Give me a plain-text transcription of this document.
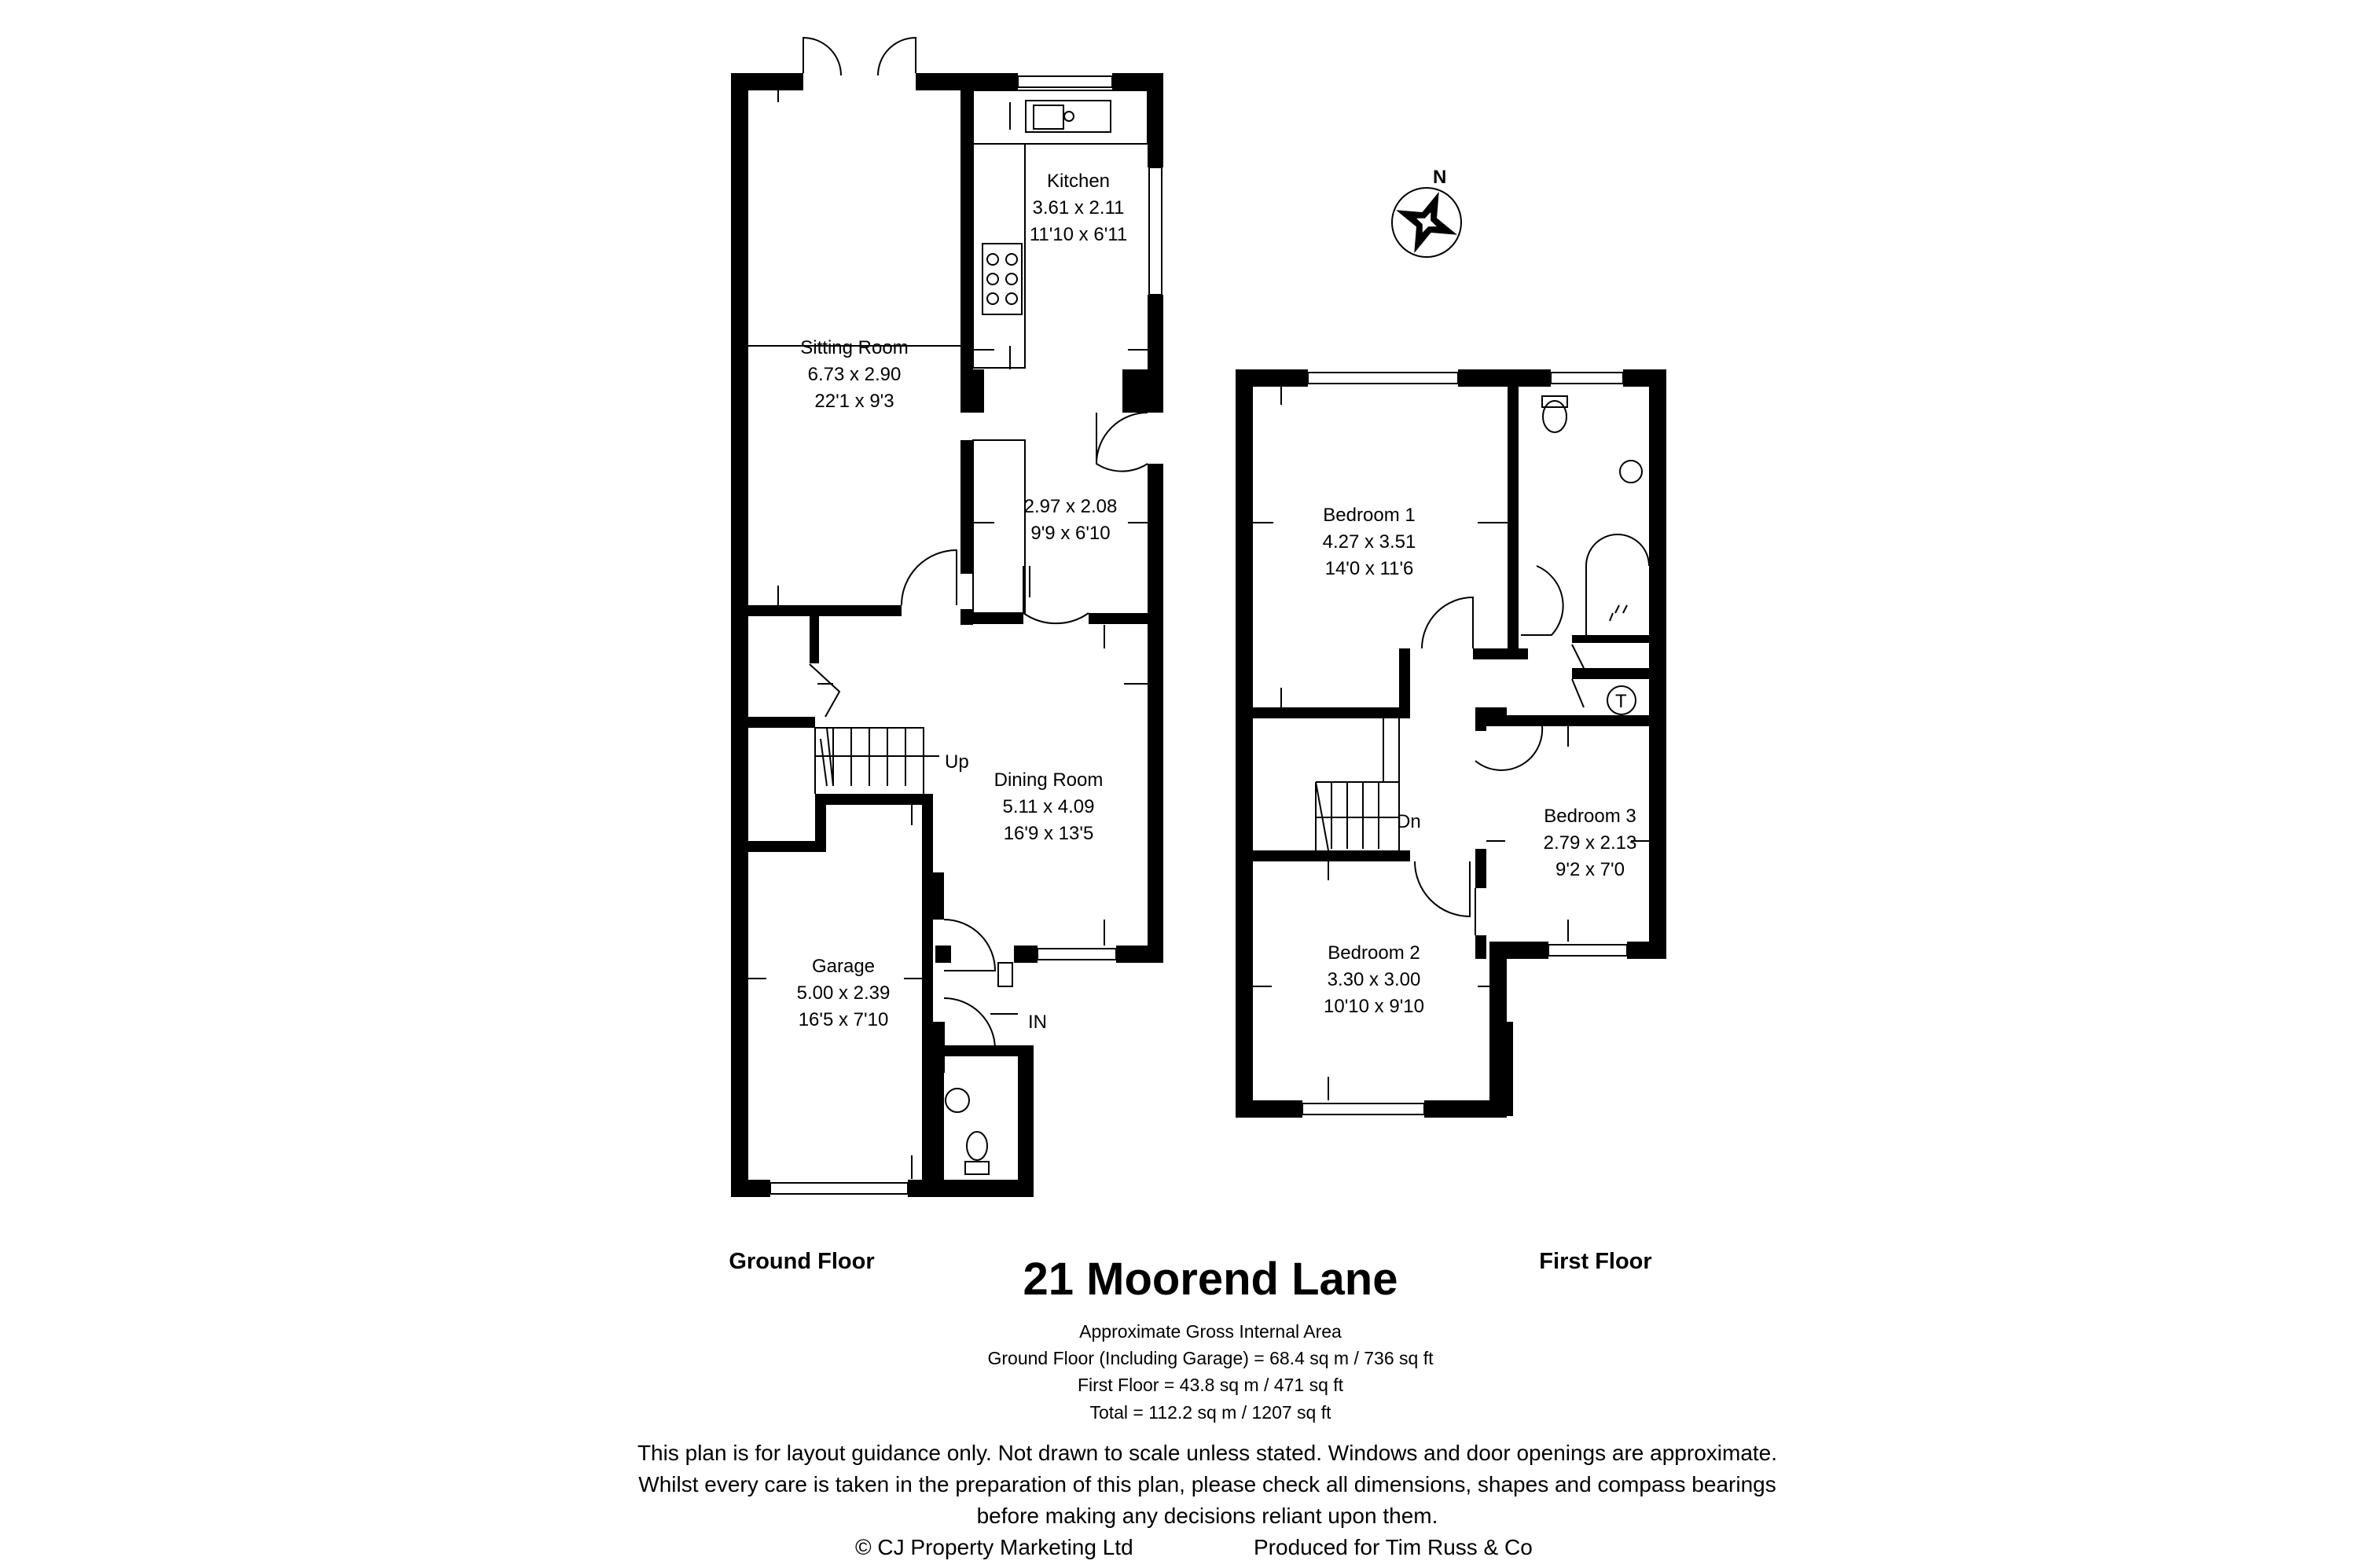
Kitchen
3.61 x 2.11
11'10 x 6'11
Sitting Room
6.73 x 2.90
22'1 x 9'3
2.97 x 2.08
9'9 x 6'10
Dining Room
5.11 x 4.09
16'9 x 13'5
Garage
5.00 x 2.39
16'5 x 7'10
Up
IN
T
Bedroom 1
4.27 x 3.51
14'0 x 11'6
Bedroom 2
3.30 x 3.00
10'10 x 9'10
Bedroom 3
2.79 x 2.13
9'2 x 7'0
Dn
N
Ground Floor	First Floor
21 Moorend Lane
Approximate Gross Internal Area
Ground Floor (Including Garage) = 68.4 sq m / 736 sq ft
First Floor = 43.8 sq m / 471 sq ft
Total = 112.2 sq m / 1207 sq ft
This plan is for layout guidance only. Not drawn to scale unless stated. Windows and door openings are approximate.
Whilst every care is taken in the preparation of this plan, please check all dimensions, shapes and compass bearings
before making any decisions reliant upon them.
© CJ Property Marketing Ltd	Produced for Tim Russ & Co
